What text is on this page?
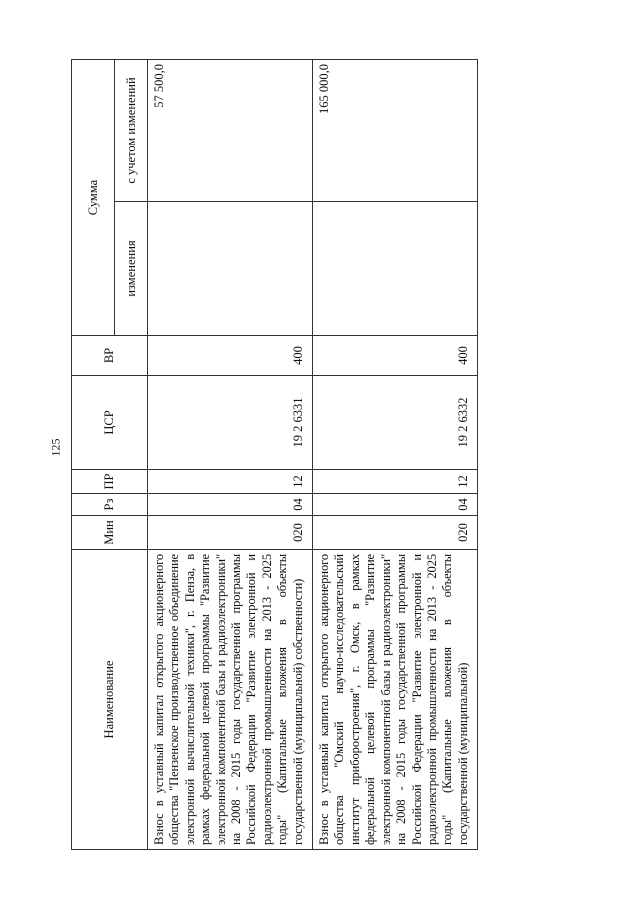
125
Наименование	Мин	Рз	ПР	ЦСР	ВР	Сумма	
						изменения	с учетом изменений
Взнос в уставный капитал открытого акционерного общества "Пензенское производственное объединение электронной вычислительной техники", г. Пенза, в рамках федеральной целевой программы "Развитие электронной компонентной базы и радиоэлектроники" на 2008 - 2015 годы государственной программы Российской Федерации "Развитие электронной и радиоэлектронной промышленности на 2013 - 2025 годы" (Капитальные вложения в объекты государственной (муниципальной) собственности)	020	04	12	19 2 6331	400		57 500,0
Взнос в уставный капитал открытого акционерного общества "Омский научно-исследовательский институт приборостроения", г. Омск, в рамках федеральной целевой программы "Развитие электронной компонентной базы и радиоэлектроники" на 2008 - 2015 годы государственной программы Российской Федерации "Развитие электронной и радиоэлектронной промышленности на 2013 - 2025 годы" (Капитальные вложения в объекты государственной (муниципальной)	020	04	12	19 2 6332	400		165 000,0
